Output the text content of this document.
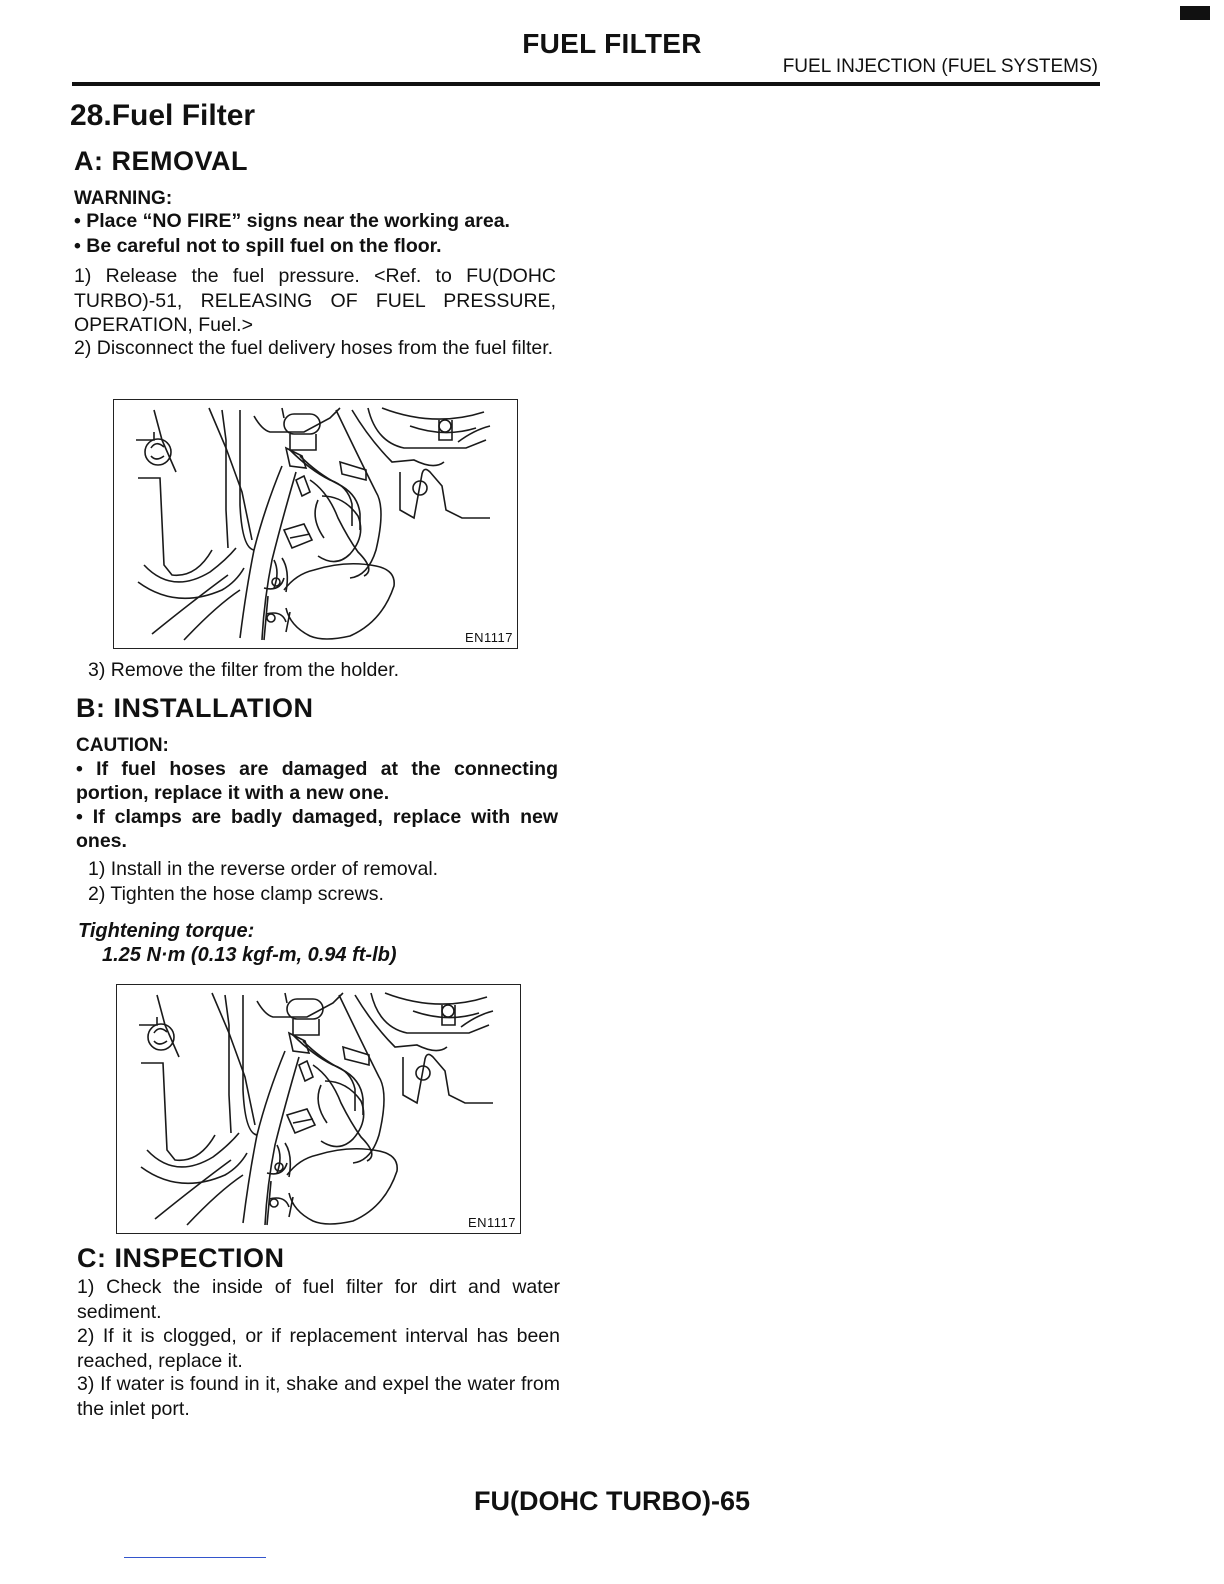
FUEL FILTER
FUEL INJECTION (FUEL SYSTEMS)
28.Fuel Filter
A: REMOVAL
WARNING:
• Place “NO FIRE” signs near the working area.
• Be careful not to spill fuel on the floor.
1) Release the fuel pressure. <Ref. to FU(DOHC TURBO)-51, RELEASING OF FUEL PRESSURE, OPERATION, Fuel.>
2) Disconnect the fuel delivery hoses from the fuel filter.
EN1117
3) Remove the filter from the holder.
B: INSTALLATION
CAUTION:
• If fuel hoses are damaged at the connecting portion, replace it with a new one.
• If clamps are badly damaged, replace with new ones.
1) Install in the reverse order of removal.
2) Tighten the hose clamp screws.
Tightening torque:
1.25 N·m (0.13 kgf-m, 0.94 ft-lb)
EN1117
C: INSPECTION
1) Check the inside of fuel filter for dirt and water sediment.
2) If it is clogged, or if replacement interval has been reached, replace it.
3) If water is found in it, shake and expel the water from the inlet port.
FU(DOHC TURBO)-65
